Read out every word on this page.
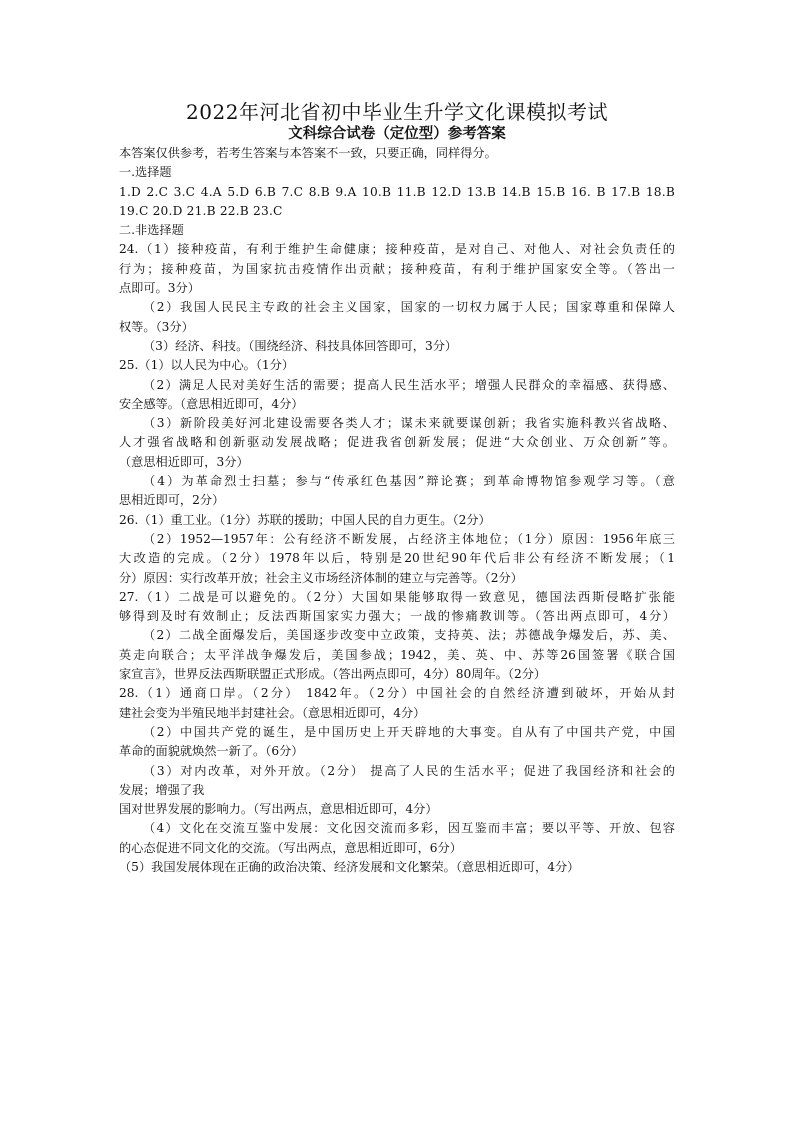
2022年河北省初中毕业生升学文化课模拟考试
文科综合试卷（定位型）参考答案
本答案仅供参考，若考生答案与本答案不一致，只要正确，同样得分。
一.选择题
1.D 2.C 3.C 4.A 5.D 6.B 7.C 8.B 9.A 10.B 11.B 12.D 13.B 14.B 15.B 16. B 17.B 18.B
19.C 20.D 21.B 22.B 23.C
二.非选择题
24.（1）接种疫苗，有利于维护生命健康；接种疫苗，是对自己、对他人、对社会负责任的
行为；接种疫苗，为国家抗击疫情作出贡献；接种疫苗，有利于维护国家安全等。（答出一
点即可。3分）
（2）我国人民民主专政的社会主义国家，国家的一切权力属于人民；国家尊重和保障人
权等。（3分）
（3）经济、科技。（围绕经济、科技具体回答即可，3分）
25.（1）以人民为中心。（1分）
（2）满足人民对美好生活的需要；提高人民生活水平；增强人民群众的幸福感、获得感、
安全感等。（意思相近即可，4分）
（3）新阶段美好河北建设需要各类人才；谋未来就要谋创新；我省实施科教兴省战略、
人才强省战略和创新驱动发展战略；促进我省创新发展；促进“大众创业、万众创新”等。
（意思相近即可，3分）
（4）为革命烈士扫墓；参与“传承红色基因”辩论赛；到革命博物馆参观学习等。（意
思相近即可，2分）
26.（1）重工业。（1分）苏联的援助；中国人民的自力更生。（2分）
（2）1952—1957年：公有经济不断发展，占经济主体地位；（1分）原因：1956年底三
大改造的完成。（2分）1978年以后，特别是20世纪90年代后非公有经济不断发展；（1
分）原因：实行改革开放；社会主义市场经济体制的建立与完善等。（2分）
27.（1）二战是可以避免的。（2分）大国如果能够取得一致意见，德国法西斯侵略扩张能
够得到及时有效制止；反法西斯国家实力强大；一战的惨痛教训等。（答出两点即可，4分）
（2）二战全面爆发后，美国逐步改变中立政策，支持英、法；苏德战争爆发后，苏、美、
英走向联合；太平洋战争爆发后，美国参战；1942，美、英、中、苏等26国签署《联合国
家宣言》，世界反法西斯联盟正式形成。（答出两点即可，4分）80周年。（2分）
28.（1）通商口岸。（2分） 1842年。（2分）中国社会的自然经济遭到破坏，开始从封
建社会变为半殖民地半封建社会。（意思相近即可，4分）
（2）中国共产党的诞生，是中国历史上开天辟地的大事变。自从有了中国共产党，中国
革命的面貌就焕然一新了。（6分）
（3）对内改革，对外开放。（2分） 提高了人民的生活水平；促进了我国经济和社会的
发展；增强了我
国对世界发展的影响力。（写出两点，意思相近即可，4分）
（4）文化在交流互鉴中发展：文化因交流而多彩，因互鉴而丰富；要以平等、开放、包容
的心态促进不同文化的交流。（写出两点，意思相近即可，6分）
（5）我国发展体现在正确的政治决策、经济发展和文化繁荣。（意思相近即可，4分）
